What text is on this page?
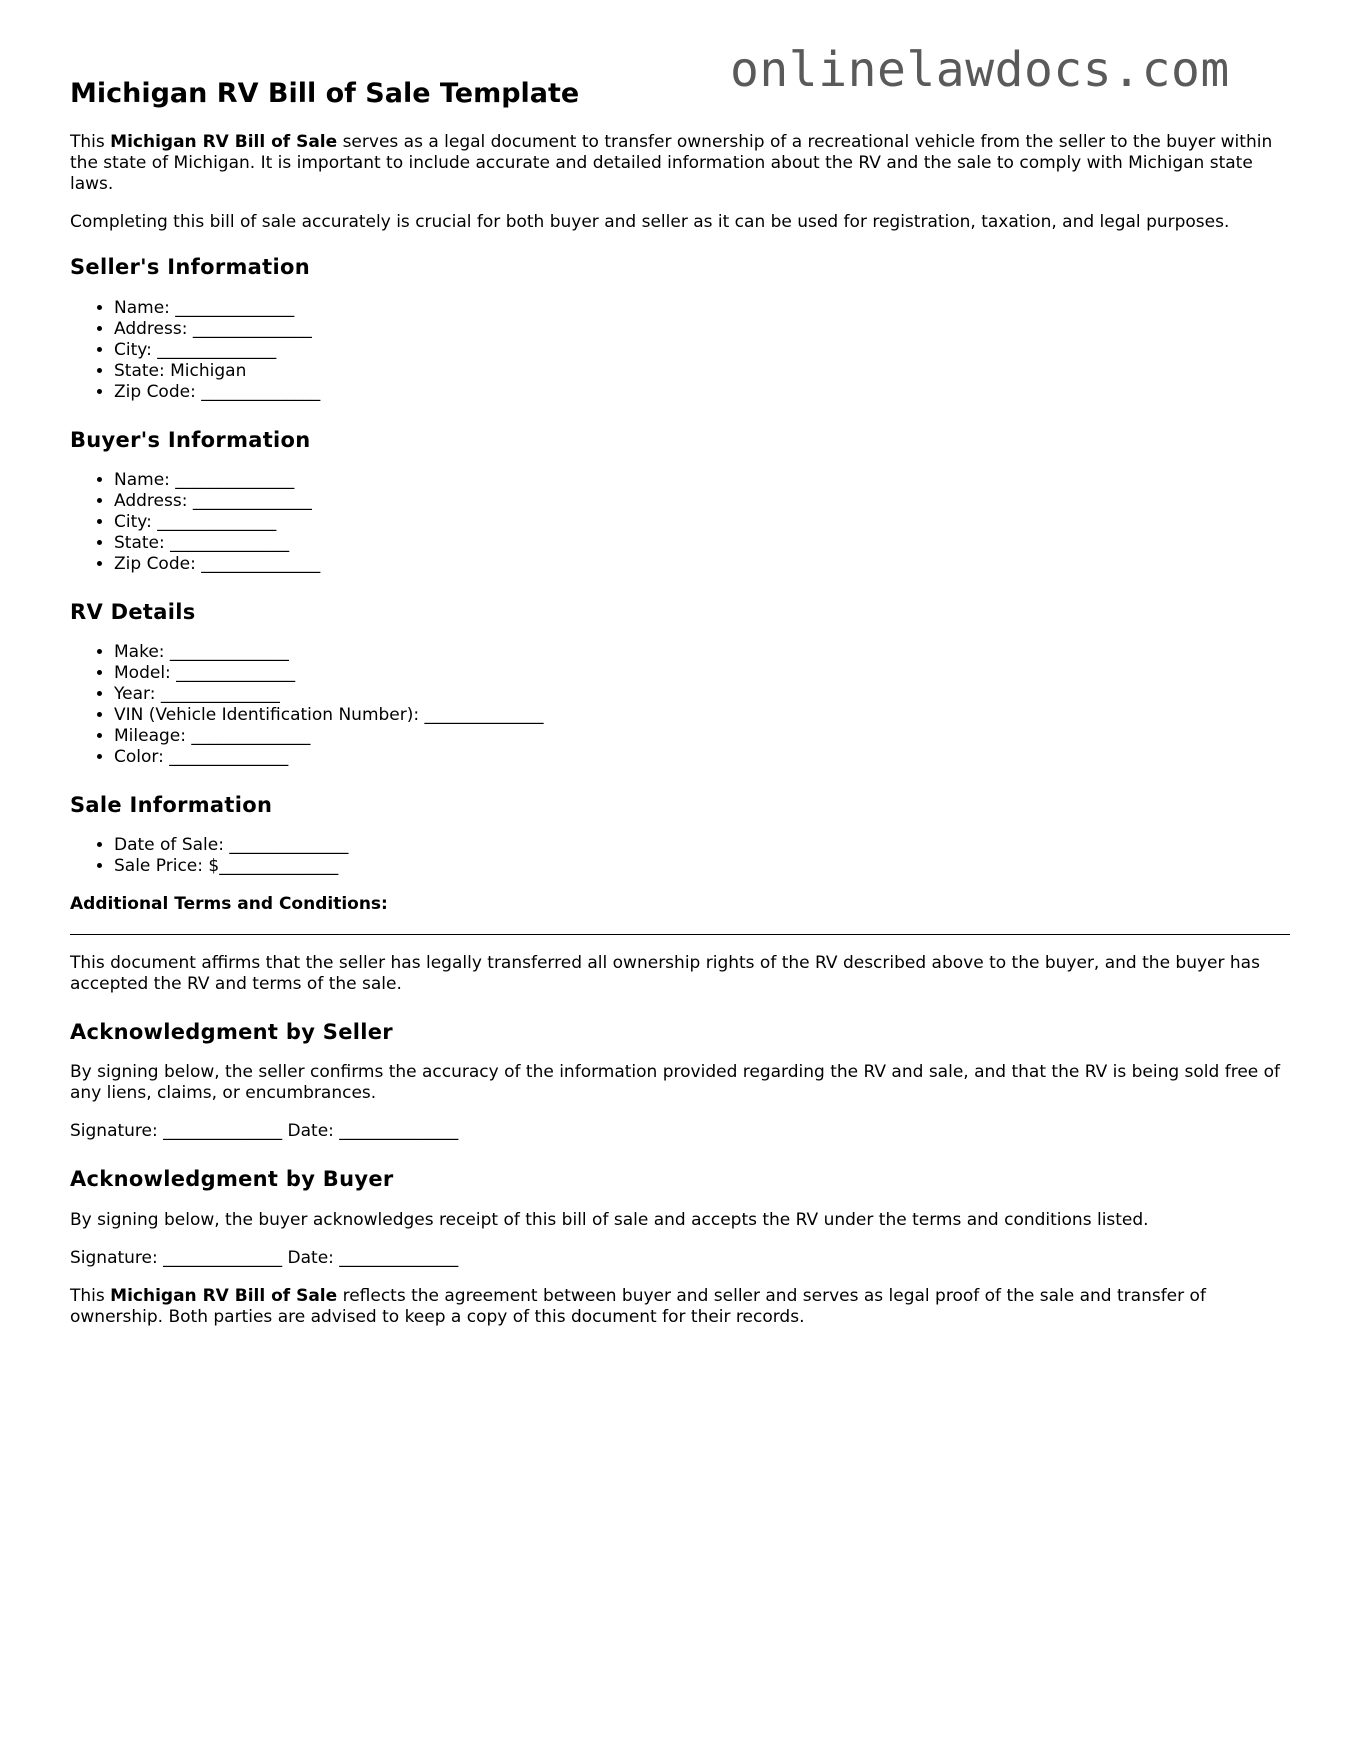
onlinelawdocs.com
Michigan RV Bill of Sale Template

This Michigan RV Bill of Sale serves as a legal document to transfer ownership of a recreational vehicle from the seller to the buyer within the state of Michigan. It is important to include accurate and detailed information about the RV and the sale to comply with Michigan state laws.

Completing this bill of sale accurately is crucial for both buyer and seller as it can be used for registration, taxation, and legal purposes.

Seller's Information
• Name: ______________
• Address: ______________
• City: ______________
• State: Michigan
• Zip Code: ______________
Buyer's Information
• Name: ______________
• Address: ______________
• City: ______________
• State: ______________
• Zip Code: ______________
RV Details
• Make: ______________
• Model: ______________
• Year: ______________
• VIN (Vehicle Identification Number): ______________
• Mileage: ______________
• Color: ______________
Sale Information
• Date of Sale: ______________
• Sale Price: $______________
Additional Terms and Conditions:

This document affirms that the seller has legally transferred all ownership rights of the RV described above to the buyer, and the buyer has accepted the RV and terms of the sale.

Acknowledgment by Seller

By signing below, the seller confirms the accuracy of the information provided regarding the RV and sale, and that the RV is being sold free of any liens, claims, or encumbrances.

Signature: ______________ Date: ______________

Acknowledgment by Buyer

By signing below, the buyer acknowledges receipt of this bill of sale and accepts the RV under the terms and conditions listed.

Signature: ______________ Date: ______________

This Michigan RV Bill of Sale reflects the agreement between buyer and seller and serves as legal proof of the sale and transfer of ownership. Both parties are advised to keep a copy of this document for their records.
